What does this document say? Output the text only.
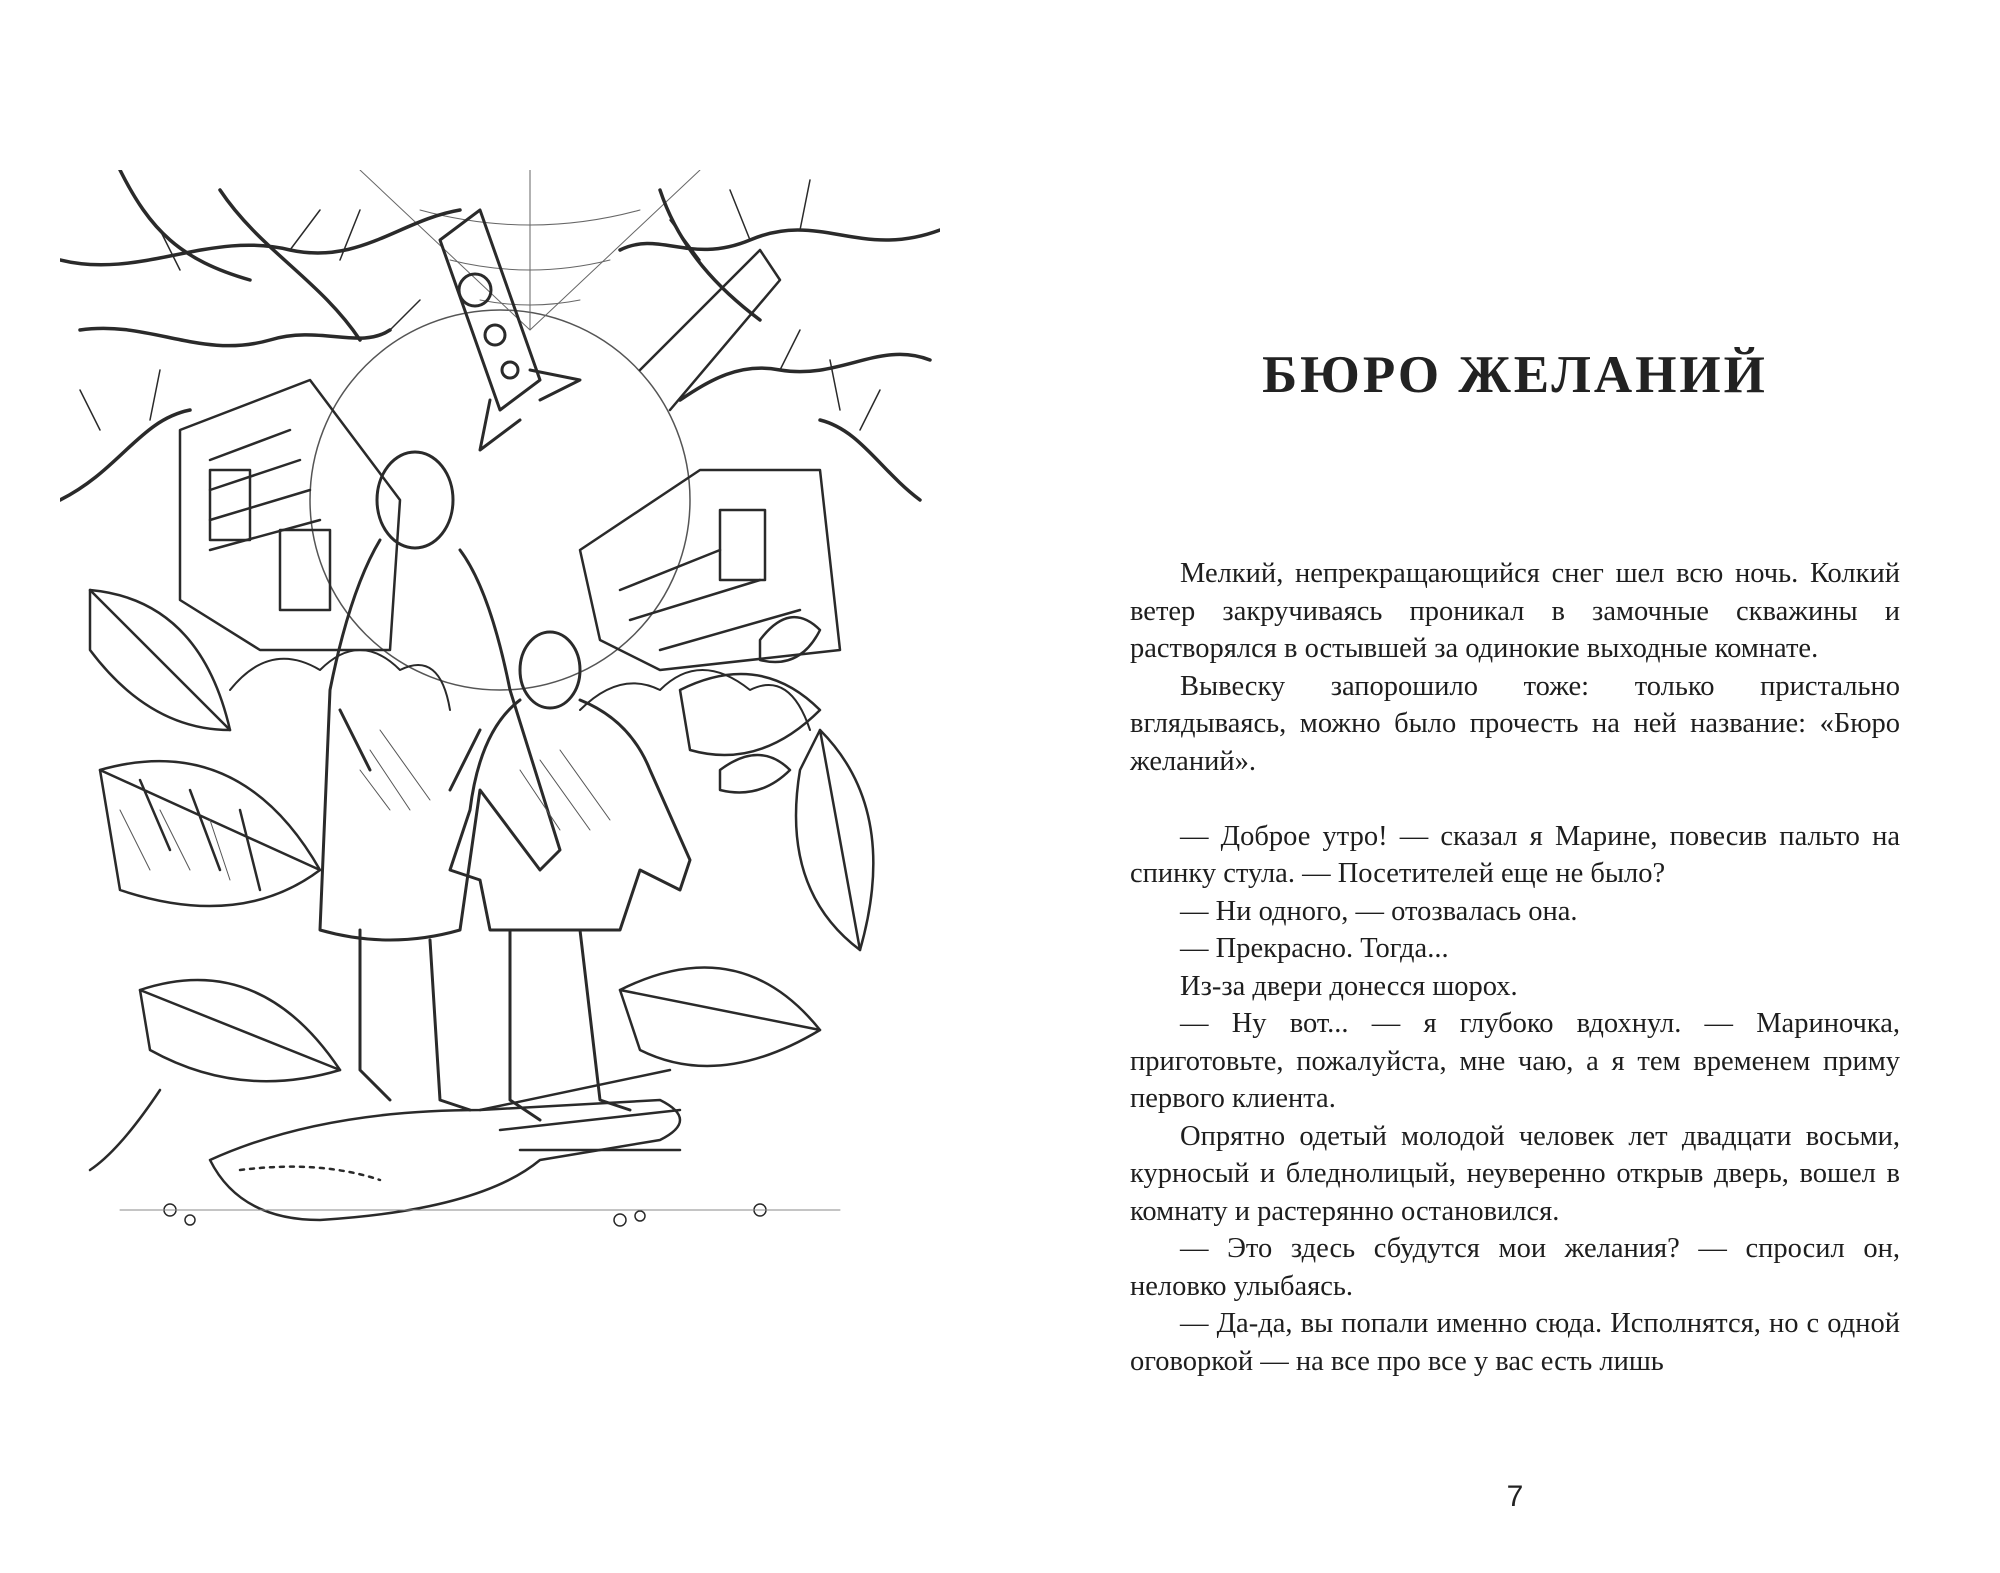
БЮРО ЖЕЛАНИЙ

Мелкий, непрекращающийся снег шел всю ночь. Колкий ветер закручиваясь проникал в замочные скважины и растворялся в остывшей за одинокие выходные комнате.

Вывеску запорошило тоже: только пристально вглядываясь, можно было прочесть на ней название: «Бюро желаний».

— Доброе утро! — сказал я Марине, повесив пальто на спинку стула. — Посетителей еще не было?

— Ни одного, — отозвалась она.

— Прекрасно. Тогда...

Из-за двери донесся шорох.

— Ну вот... — я глубоко вдохнул. — Мариночка, приготовьте, пожалуйста, мне чаю, а я тем временем приму первого клиента.

Опрятно одетый молодой человек лет двадцати восьми, курносый и бледнолицый, неуверенно открыв дверь, вошел в комнату и растерянно остановился.

— Это здесь сбудутся мои желания? — спросил он, неловко улыбаясь.

— Да-да, вы попали именно сюда. Исполнятся, но с одной оговоркой — на все про все у вас есть лишь

7
